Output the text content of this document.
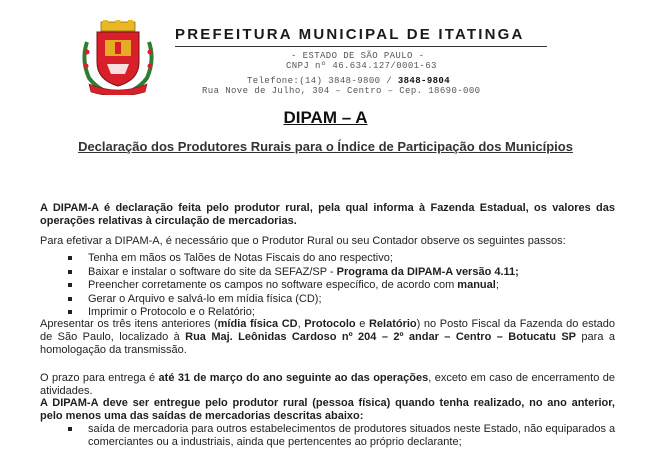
PREFEITURA MUNICIPAL DE ITATINGA
- ESTADO DE SÃO PAULO -
CNPJ nº 46.634.127/0001-63
Telefone:(14) 3848-9800 / 3848-9804
Rua Nove de Julho, 304 – Centro – Cep. 18690-000
DIPAM – A
Declaração dos Produtores Rurais para o Índice de Participação dos Municípios
A DIPAM-A é declaração feita pelo produtor rural, pela qual informa à Fazenda Estadual, os valores das operações relativas à circulação de mercadorias.
Para efetivar a DIPAM-A, é necessário que o Produtor Rural ou seu Contador observe os seguintes passos:
Tenha em mãos os Talões de Notas Fiscais do ano respectivo;
Baixar e instalar o software do site da SEFAZ/SP - Programa da DIPAM-A versão 4.11;
Preencher corretamente os campos no software específico, de acordo com manual;
Gerar o Arquivo e salvá-lo em mídia física (CD);
Imprimir o Protocolo e o Relatório;
Apresentar os três itens anteriores (mídia física CD, Protocolo e Relatório) no Posto Fiscal da Fazenda do estado de São Paulo, localizado à Rua Maj. Leônidas Cardoso nº 204 – 2º andar – Centro – Botucatu SP para a homologação da transmissão.
O prazo para entrega é até 31 de março do ano seguinte ao das operações, exceto em caso de encerramento de atividades.
A DIPAM-A deve ser entregue pelo produtor rural (pessoa física) quando tenha realizado, no ano anterior, pelo menos uma das saídas de mercadorias descritas abaixo:
saída de mercadoria para outros estabelecimentos de produtores situados neste Estado, não equiparados a comerciantes ou a industriais, ainda que pertencentes ao próprio declarante;
